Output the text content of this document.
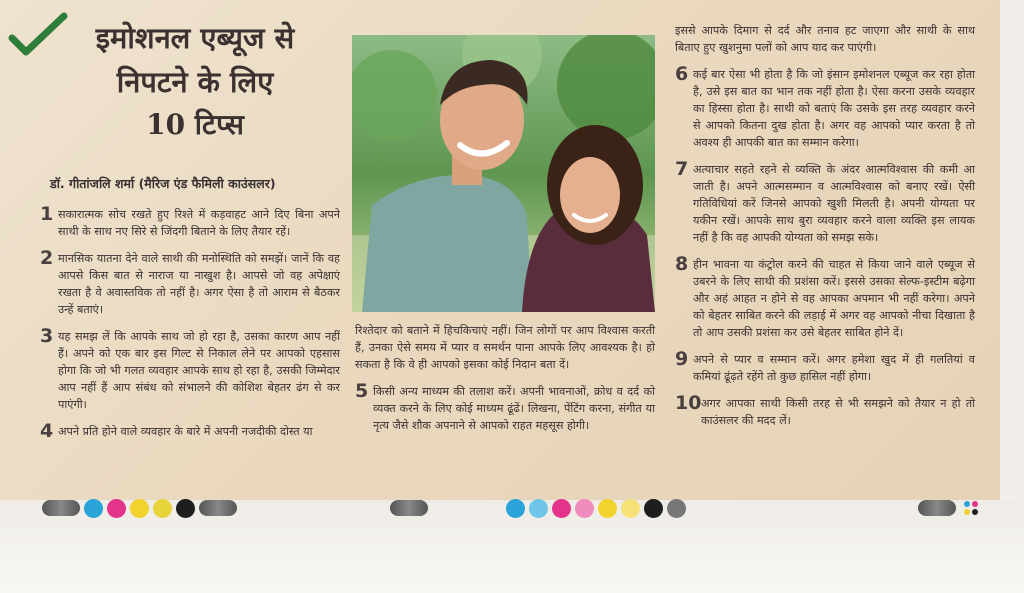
इमोशनल एब्यूज से
निपटने के लिए
10 टिप्स
डॉ. गीतांजलि शर्मा (मैरिज एंड फैमिली काउंसलर)
1 सकारात्मक सोच रखते हुए रिश्ते में कड़वाहट आने दिए बिना अपने साथी के साथ नए सिरे से जिंदगी बिताने के लिए तैयार रहें।
2 मानसिक यातना देने वाले साथी की मनोस्थिति को समझें। जानें कि वह आपसे किस बात से नाराज या नाखुश है। आपसे जो वह अपेक्षाएं रखता है वे अवास्तविक तो नहीं है। अगर ऐसा है तो आराम से बैठकर उन्हें बताएं।
3 यह समझ लें कि आपके साथ जो हो रहा है, उसका कारण आप नहीं हैं। अपने को एक बार इस गिल्ट से निकाल लेने पर आपको एहसास होगा कि जो भी गलत व्यवहार आपके साथ हो रहा है, उसकी जिम्मेदार आप नहीं हैं आप संबंध को संभालने की कोशिश बेहतर ढंग से कर पाएंगी।
4 अपने प्रति होने वाले व्यवहार के बारे में अपनी नजदीकी दोस्त या
रिश्तेदार को बताने में हिचकिचाएं नहीं। जिन लोगों पर आप विश्वास करती हैं, उनका ऐसे समय में प्यार व समर्थन पाना आपके लिए आवश्यक है। हो सकता है कि वे ही आपको इसका कोई निदान बता दें।
5 किसी अन्य माध्यम की तलाश करें। अपनी भावनाओं, क्रोध व दर्द को व्यक्त करने के लिए कोई माध्यम ढूंढें। लिखना, पेंटिंग करना, संगीत या नृत्य जैसे शौक अपनाने से आपको राहत महसूस होगी।
इससे आपके दिमाग से दर्द और तनाव हट जाएगा और साथी के साथ बिताए हुए खुशनुमा पलों को आप याद कर पाएंगी।
6 कई बार ऐसा भी होता है कि जो इंसान इमोशनल एब्यूज कर रहा होता है, उसे इस बात का भान तक नहीं होता है। ऐसा करना उसके व्यवहार का हिस्सा होता है। साथी को बताएं कि उसके इस तरह व्यवहार करने से आपको कितना दुख होता है। अगर वह आपको प्यार करता है तो अवश्य ही आपकी बात का सम्मान करेगा।
7 अत्याचार सहते रहने से व्यक्ति के अंदर आत्मविश्वास की कमी आ जाती है। अपने आत्मसम्मान व आत्मविश्वास को बनाए रखें। ऐसी गतिविधियां करें जिनसे आपको खुशी मिलती है। अपनी योग्यता पर यकीन रखें। आपके साथ बुरा व्यवहार करने वाला व्यक्ति इस लायक नहीं है कि वह आपकी योग्यता को समझ सके।
8 हीन भावना या कंट्रोल करने की चाहत से किया जाने वाले एब्यूज से उबरने के लिए साथी की प्रशंसा करें। इससे उसका सेल्फ-इस्टीम बढ़ेगा और अहं आहत न होने से वह आपका अपमान भी नहीं करेगा। अपने को बेहतर साबित करने की लड़ाई में अगर वह आपको नीचा दिखाता है तो आप उसकी प्रशंसा कर उसे बेहतर साबित होने दें।
9 अपने से प्यार व सम्मान करें। अगर हमेशा खुद में ही गलतियां व कमियां ढूंढ़ते रहेंगे तो कुछ हासिल नहीं होगा।
10 अगर आपका साथी किसी तरह से भी समझने को तैयार न हो तो काउंसलर की मदद लें।
